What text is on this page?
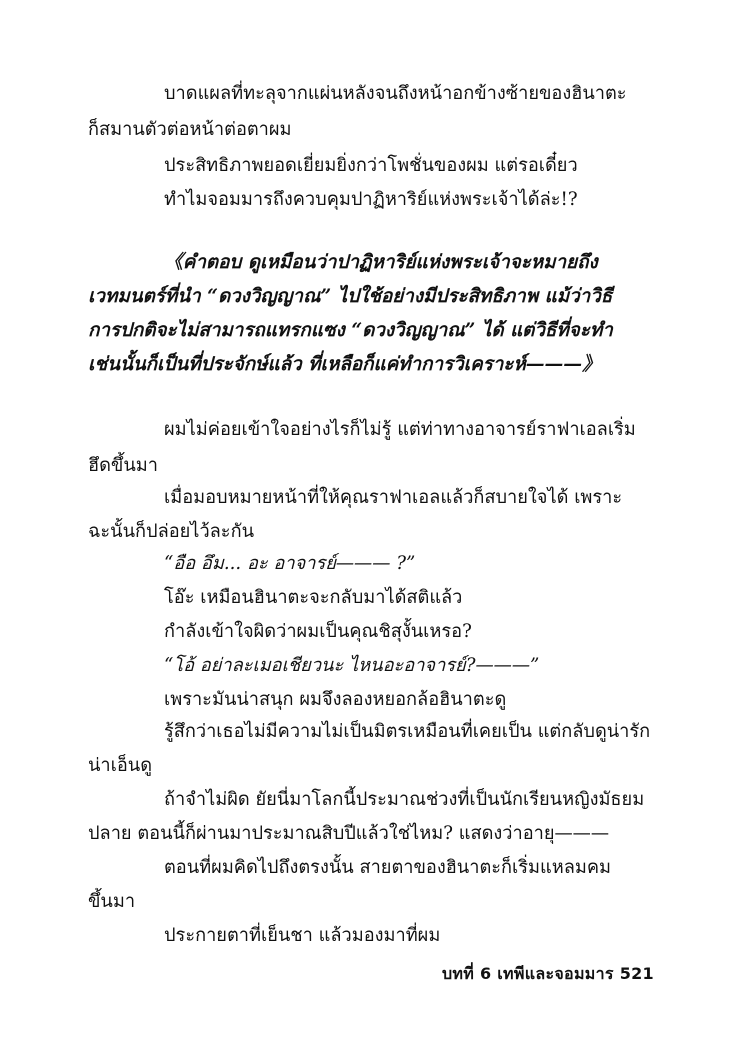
บาดแผลที่ทะลุจากแผ่นหลังจนถึงหน้าอกข้างซ้ายของฮินาตะ
ก็สมานตัวต่อหน้าต่อตาผม
ประสิทธิภาพยอดเยี่ยมยิ่งกว่าโพชั่นของผม แต่รอเดี๋ยว
ทำไมจอมมารถึงควบคุมปาฏิหาริย์แห่งพระเจ้าได้ล่ะ!?
《คำตอบ ดูเหมือนว่าปาฏิหาริย์แห่งพระเจ้าจะหมายถึง
เวทมนตร์ที่นำ “ดวงวิญญาณ” ไปใช้อย่างมีประสิทธิภาพ แม้ว่าวิธี
การปกติจะไม่สามารถแทรกแซง “ดวงวิญญาณ” ได้ แต่วิธีที่จะทำ
เช่นนั้นก็เป็นที่ประจักษ์แล้ว ที่เหลือก็แค่ทำการวิเคราะห์———》
ผมไม่ค่อยเข้าใจอย่างไรก็ไม่รู้ แต่ท่าทางอาจารย์ราฟาเอลเริ่ม
ฮึดขึ้นมา
เมื่อมอบหมายหน้าที่ให้คุณราฟาเอลแล้วก็สบายใจได้ เพราะ
ฉะนั้นก็ปล่อยไว้ละกัน
“อือ อึม... อะ อาจารย์——— ?”
โอ๊ะ เหมือนฮินาตะจะกลับมาได้สติแล้ว
กำลังเข้าใจผิดว่าผมเป็นคุณชิสุงั้นเหรอ?
“โอ้ อย่าละเมอเชียวนะ ไหนอะอาจารย์?———”
เพราะมันน่าสนุก ผมจึงลองหยอกล้อฮินาตะดู
รู้สึกว่าเธอไม่มีความไม่เป็นมิตรเหมือนที่เคยเป็น แต่กลับดูน่ารัก
น่าเอ็นดู
ถ้าจำไม่ผิด ยัยนี่มาโลกนี้ประมาณช่วงที่เป็นนักเรียนหญิงมัธยม
ปลาย ตอนนี้ก็ผ่านมาประมาณสิบปีแล้วใช่ไหม? แสดงว่าอายุ———
ตอนที่ผมคิดไปถึงตรงนั้น สายตาของฮินาตะก็เริ่มแหลมคม
ขึ้นมา
ประกายตาที่เย็นชา แล้วมองมาที่ผม
บทที่ 6 เทพีและจอมมาร 521
